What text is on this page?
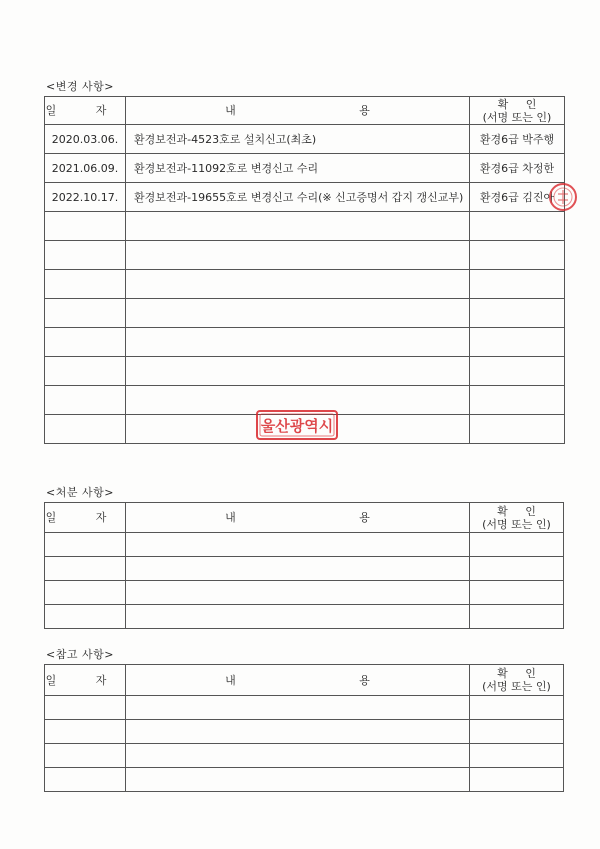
<변경 사항>
일 자	내 용	확 인
(서명 또는 인)

2020.03.06.	환경보전과-4523호로 설치신고(최초)	환경6급 박주행
2021.06.09.	환경보전과-11092호로 변경신고 수리	환경6급 차정한
2022.10.17.	환경보전과-19655호로 변경신고 수리(※ 신고증명서 갑지 갱신교부)	환경6급 김진아

울산광역시
<처분 사항>
일 자	내 용	확 인
(서명 또는 인)

<참고 사항>
일 자	내 용	확 인
(서명 또는 인)
